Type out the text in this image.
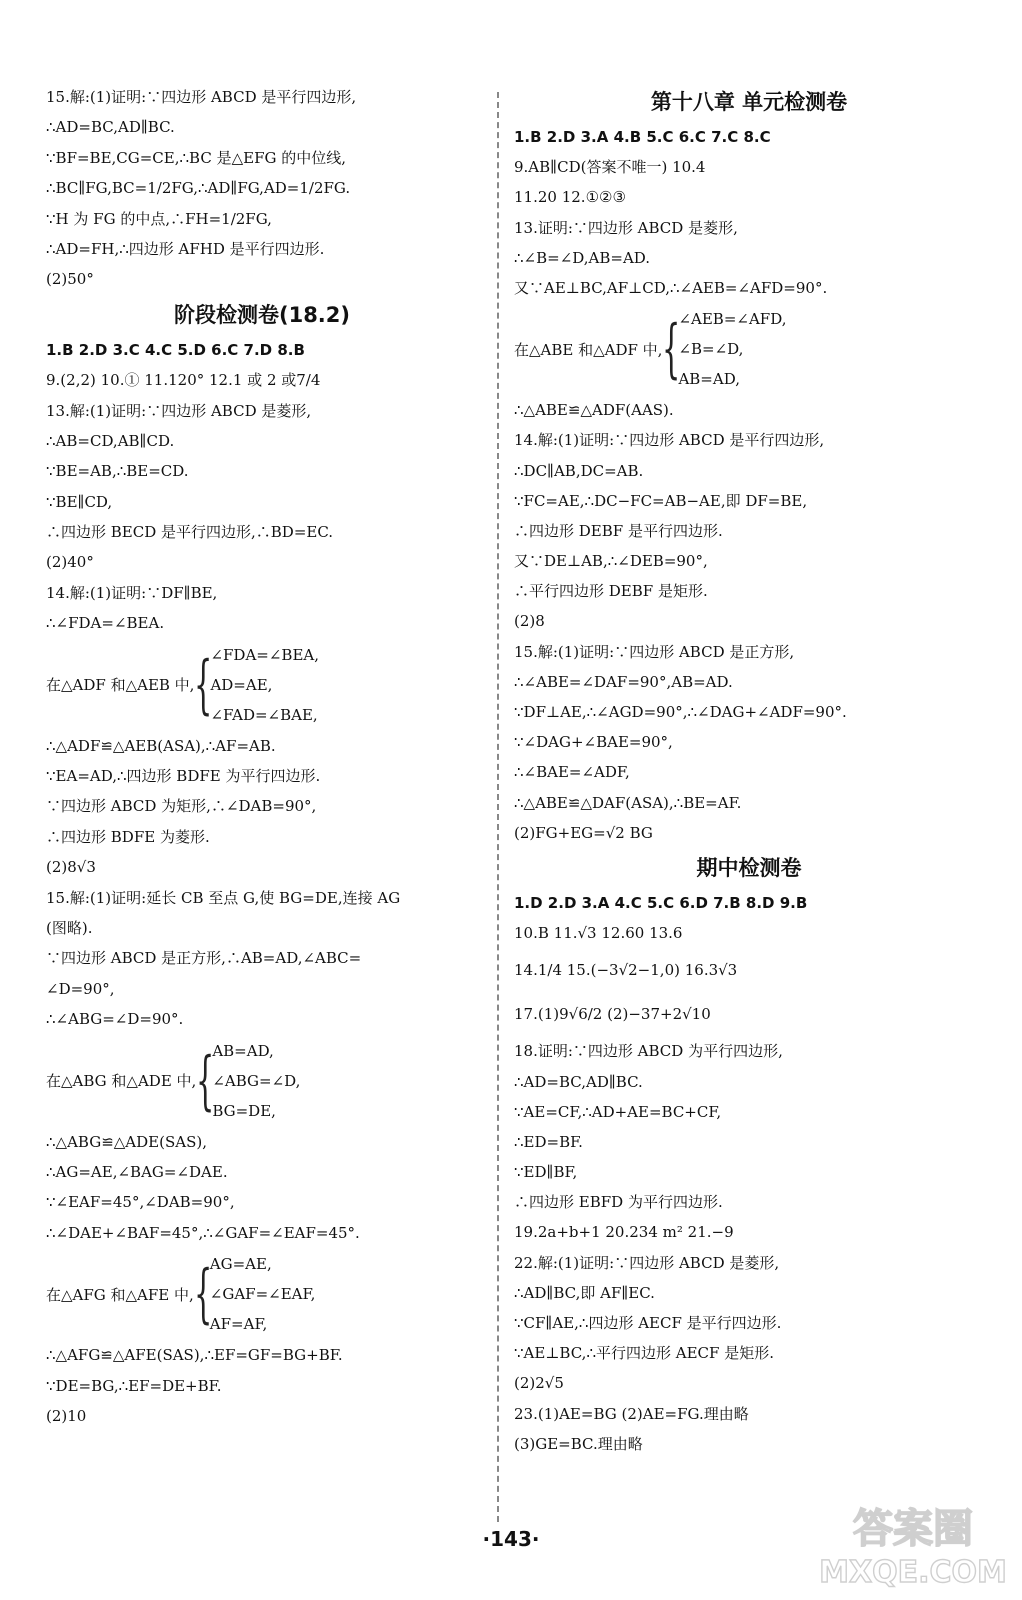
15.解:(1)证明:∵四边形 ABCD 是平行四边形,
∴AD=BC,AD∥BC.
∵BF=BE,CG=CE,∴BC 是△EFG 的中位线,
∴BC∥FG,BC=1/2FG,∴AD∥FG,AD=1/2FG.
∵H 为 FG 的中点,∴FH=1/2FG,
∴AD=FH,∴四边形 AFHD 是平行四边形.
(2)50°
阶段检测卷(18.2)
1.B 2.D 3.C 4.C 5.D 6.C 7.D 8.B
9.(2,2) 10.① 11.120° 12.1 或 2 或7/4
13.解:(1)证明:∵四边形 ABCD 是菱形,
∴AB=CD,AB∥CD.
∵BE=AB,∴BE=CD.
∵BE∥CD,
∴四边形 BECD 是平行四边形,∴BD=EC.
(2)40°
14.解:(1)证明:∵DF∥BE,
∴∠FDA=∠BEA.
在△ADF 和△AEB 中, {
∠FDA=∠BEA,
AD=AE,
∠FAD=∠BAE,
∴△ADF≌△AEB(ASA),∴AF=AB.
∵EA=AD,∴四边形 BDFE 为平行四边形.
∵四边形 ABCD 为矩形,∴∠DAB=90°,
∴四边形 BDFE 为菱形.
(2)8√3
15.解:(1)证明:延长 CB 至点 G,使 BG=DE,连接 AG
(图略).
∵四边形 ABCD 是正方形,∴AB=AD,∠ABC=
∠D=90°,
∴∠ABG=∠D=90°.
在△ABG 和△ADE 中, {
AB=AD,
∠ABG=∠D,
BG=DE,
∴△ABG≌△ADE(SAS),
∴AG=AE,∠BAG=∠DAE.
∵∠EAF=45°,∠DAB=90°,
∴∠DAE+∠BAF=45°,∴∠GAF=∠EAF=45°.
在△AFG 和△AFE 中, {
AG=AE,
∠GAF=∠EAF,
AF=AF,
∴△AFG≌△AFE(SAS),∴EF=GF=BG+BF.
∵DE=BG,∴EF=DE+BF.
(2)10
第十八章 单元检测卷
1.B 2.D 3.A 4.B 5.C 6.C 7.C 8.C
9.AB∥CD(答案不唯一) 10.4
11.20 12.①②③
13.证明:∵四边形 ABCD 是菱形,
∴∠B=∠D,AB=AD.
又∵AE⊥BC,AF⊥CD,∴∠AEB=∠AFD=90°.
在△ABE 和△ADF 中, {
∠AEB=∠AFD,
∠B=∠D,
AB=AD,
∴△ABE≌△ADF(AAS).
14.解:(1)证明:∵四边形 ABCD 是平行四边形,
∴DC∥AB,DC=AB.
∵FC=AE,∴DC−FC=AB−AE,即 DF=BE,
∴四边形 DEBF 是平行四边形.
又∵DE⊥AB,∴∠DEB=90°,
∴平行四边形 DEBF 是矩形.
(2)8
15.解:(1)证明:∵四边形 ABCD 是正方形,
∴∠ABE=∠DAF=90°,AB=AD.
∵DF⊥AE,∴∠AGD=90°,∴∠DAG+∠ADF=90°.
∵∠DAG+∠BAE=90°,
∴∠BAE=∠ADF,
∴△ABE≌△DAF(ASA),∴BE=AF.
(2)FG+EG=√2 BG
期中检测卷
1.D 2.D 3.A 4.C 5.C 6.D 7.B 8.D 9.B
10.B 11.√3 12.60 13.6
14.1/4 15.(−3√2−1,0) 16.3√3
17.(1)9√6/2 (2)−37+2√10
18.证明:∵四边形 ABCD 为平行四边形,
∴AD=BC,AD∥BC.
∵AE=CF,∴AD+AE=BC+CF,
∴ED=BF.
∵ED∥BF,
∴四边形 EBFD 为平行四边形.
19.2a+b+1 20.234 m² 21.−9
22.解:(1)证明:∵四边形 ABCD 是菱形,
∴AD∥BC,即 AF∥EC.
∵CF∥AE,∴四边形 AECF 是平行四边形.
∵AE⊥BC,∴平行四边形 AECF 是矩形.
(2)2√5
23.(1)AE=BG (2)AE=FG.理由略
(3)GE=BC.理由略
·143·	答案圈
MXQE.COM
